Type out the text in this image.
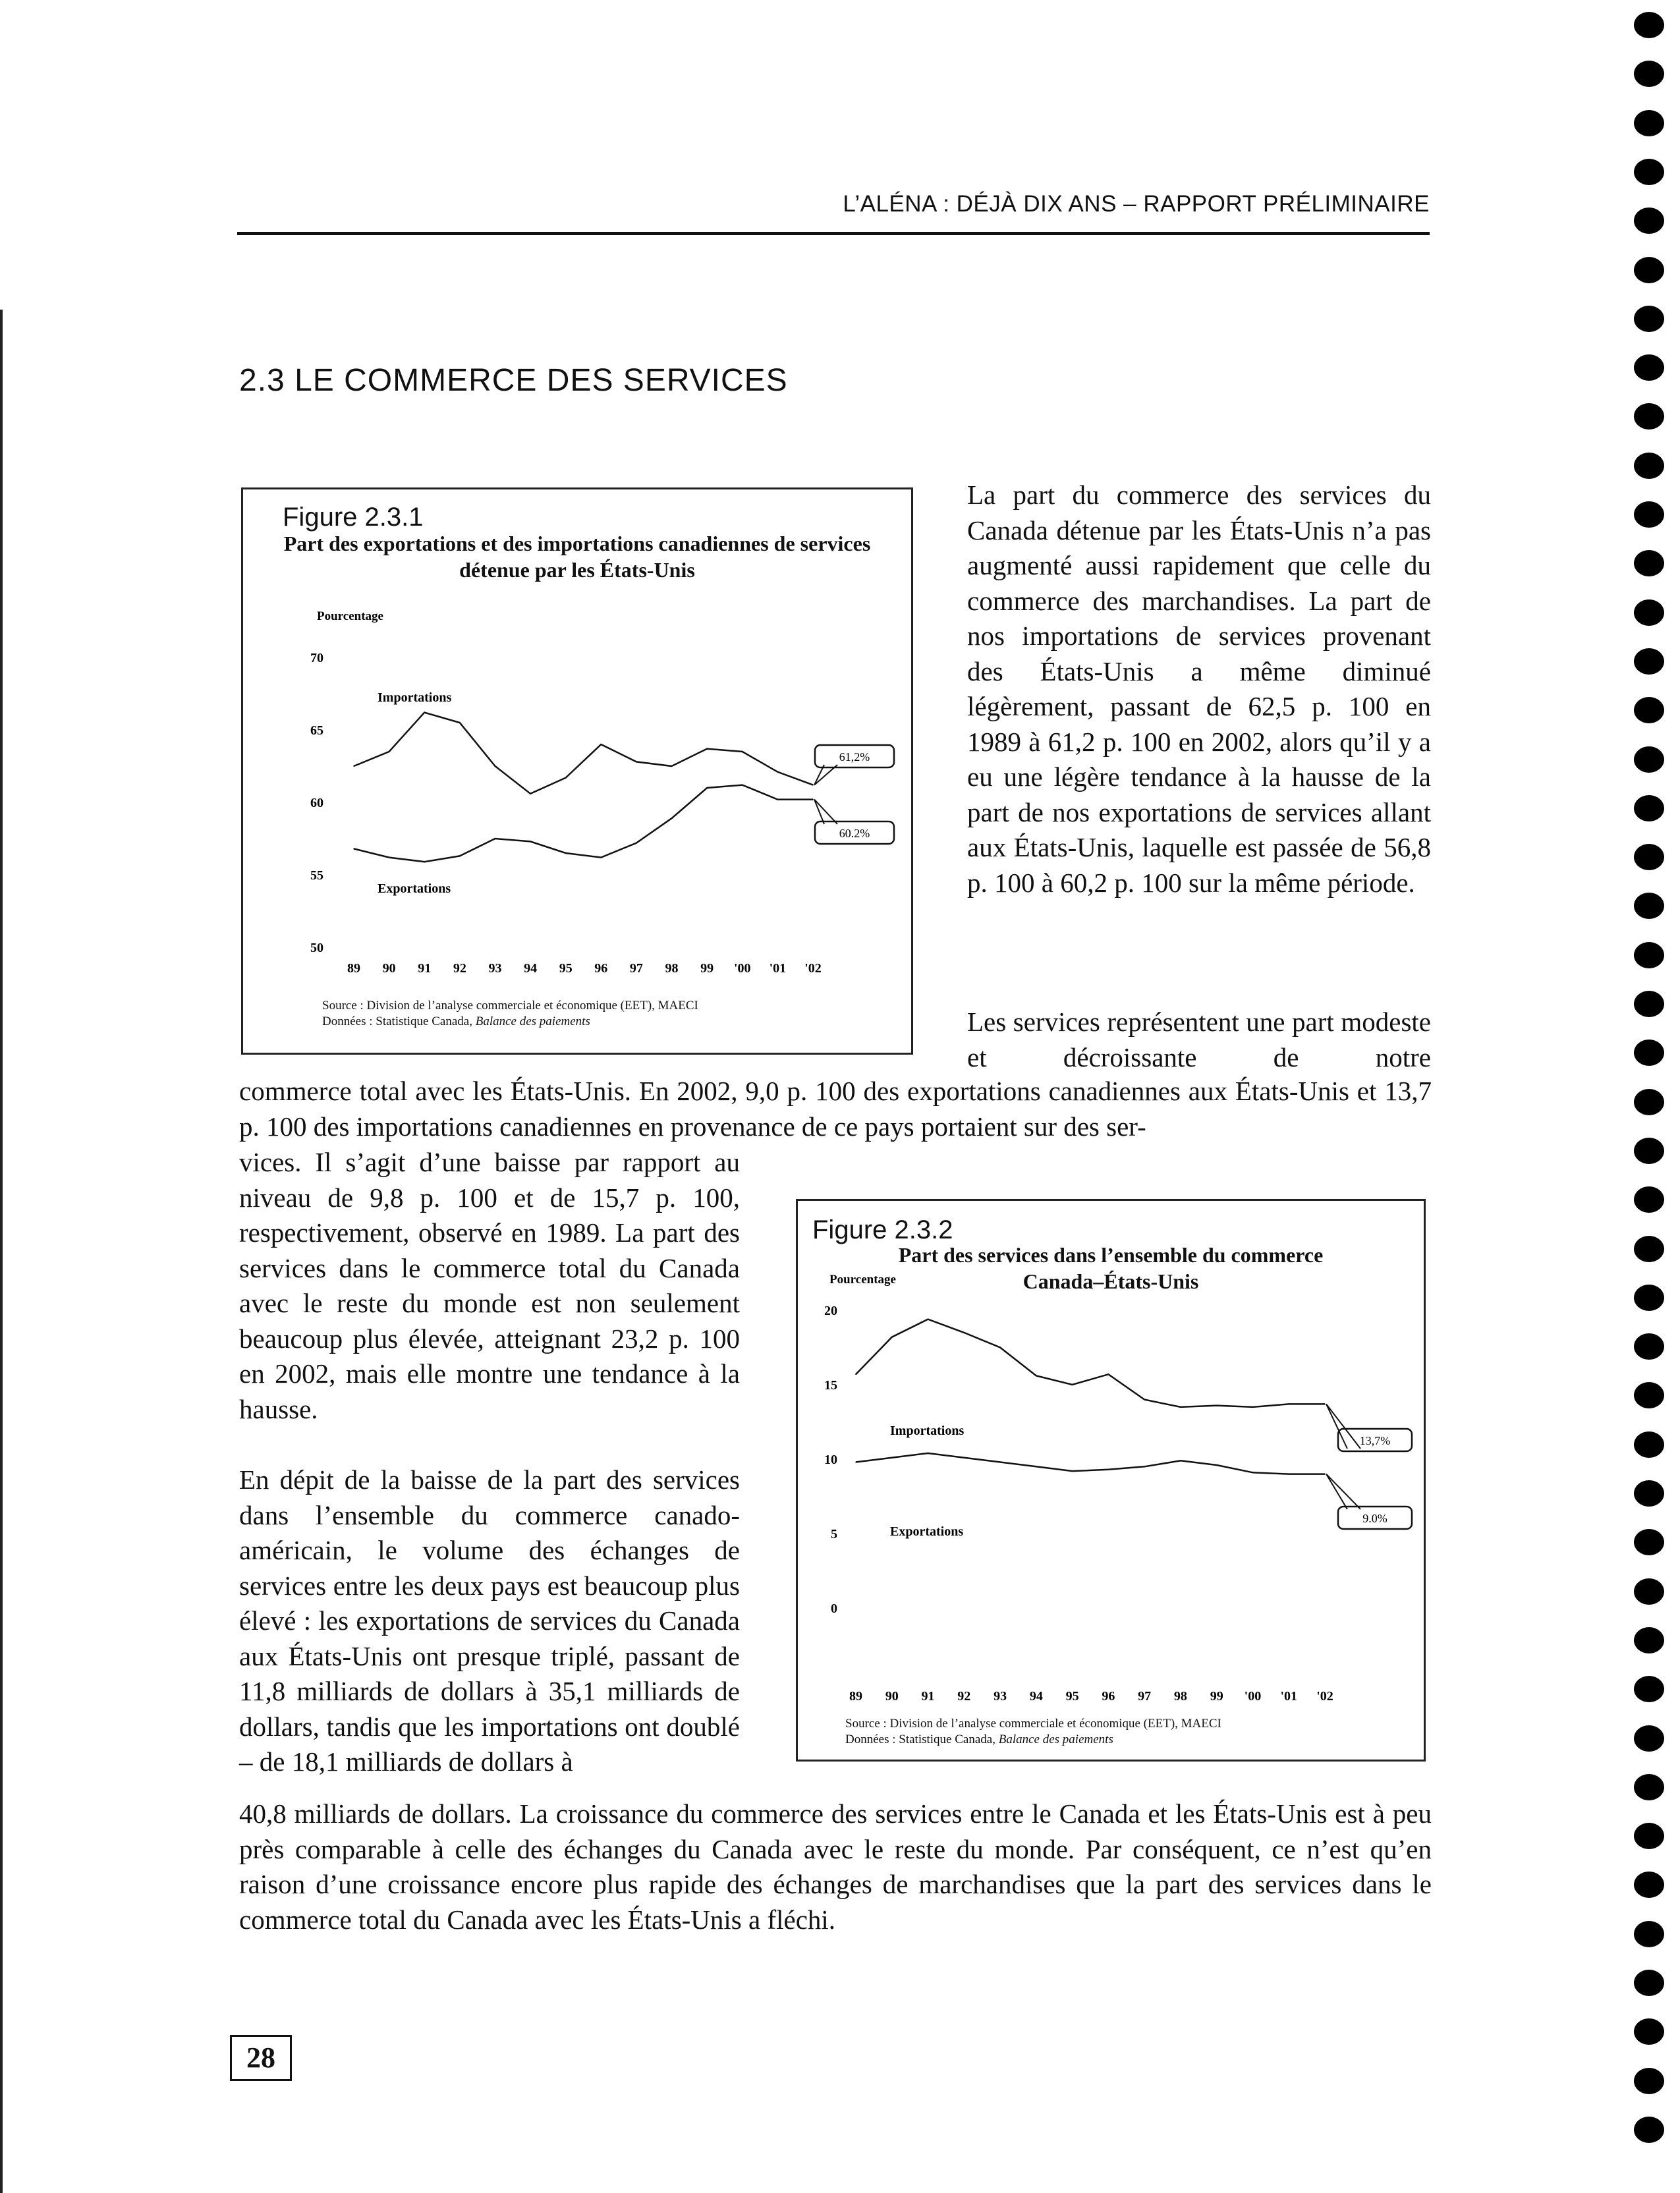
L’ALÉNA : DÉJÀ DIX ANS – RAPPORT PRÉLIMINAIRE
2.3 LE COMMERCE DES SERVICES

La part du commerce des services du Canada détenue par les États-Unis n’a pas augmenté aussi rapidement que celle du commerce des marchandises. La part de nos importations de services provenant des États-Unis a même diminué légèrement, passant de 62,5 p. 100 en 1989 à 61,2 p. 100 en 2002, alors qu’il y a eu une légère tendance à la hausse de la part de nos exportations de services allant aux États-Unis, laquelle est passée de 56,8 p. 100 à 60,2 p. 100 sur la même période.

Les services représentent une part modeste et décroissante de notre

commerce total avec les États-Unis. En 2002, 9,0 p. 100 des exportations canadiennes aux États-Unis et 13,7 p. 100 des importations canadiennes en provenance de ce pays portaient sur des ser-

vices. Il s’agit d’une baisse par rapport au niveau de 9,8 p. 100 et de 15,7 p. 100, respectivement, observé en 1989. La part des services dans le commerce total du Canada avec le reste du monde est non seulement beaucoup plus élevée, atteignant 23,2 p. 100 en 2002, mais elle montre une tendance à la hausse.

En dépit de la baisse de la part des services dans l’ensemble du commerce canado-américain, le volume des échanges de services entre les deux pays est beaucoup plus élevé : les exportations de services du Canada aux États-Unis ont presque triplé, passant de 11,8 milliards de dollars à 35,1 milliards de dollars, tandis que les importations ont doublé – de 18,1 milliards de dollars à

40,8 milliards de dollars. La croissance du commerce des services entre le Canada et les États-Unis est à peu près comparable à celle des échanges du Canada avec le reste du monde. Par conséquent, ce n’est qu’en raison d’une croissance encore plus rapide des échanges de marchandises que la part des services dans le commerce total du Canada avec les États-Unis a fléchi.

Figure 2.3.1
Part des exportations et des importations canadiennes de services
détenue par les États-Unis
Pourcentage
70
65
60
55
50
89 90 91 92 93 94 95 96 97 98 99 '00 '01 '02
Importations
61,2%
Exportations
60.2%
Source : Division de l’analyse commerciale et économique (EET), MAECI
Données : Statistique Canada, Balance des paiements
Figure 2.3.2
Part des services dans l’ensemble du commerce
Canada–États-Unis
Pourcentage
20
15
10
5
0
89 90 91 92 93 94 95 96 97 98 99 '00 '01 '02
Importations
13,7%
Exportations
9.0%
Source : Division de l’analyse commerciale et économique (EET), MAECI
Données : Statistique Canada, Balance des paiements
28
